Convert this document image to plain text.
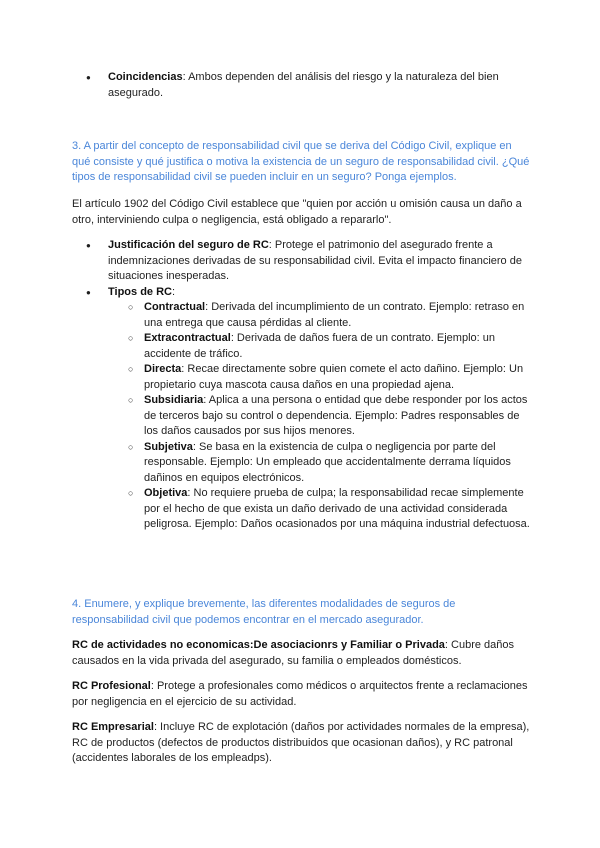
● Coincidencias: Ambos dependen del análisis del riesgo y la naturaleza del bien asegurado.
3. A partir del concepto de responsabilidad civil que se deriva del Código Civil, explique en qué consiste y qué justifica o motiva la existencia de un seguro de responsabilidad civil. ¿Qué tipos de responsabilidad civil se pueden incluir en un seguro? Ponga ejemplos.
El artículo 1902 del Código Civil establece que "quien por acción u omisión causa un daño a otro, interviniendo culpa o negligencia, está obligado a repararlo".
● Justificación del seguro de RC: Protege el patrimonio del asegurado frente a indemnizaciones derivadas de su responsabilidad civil. Evita el impacto financiero de situaciones inesperadas.
● Tipos de RC:
○ Contractual: Derivada del incumplimiento de un contrato. Ejemplo: retraso en una entrega que causa pérdidas al cliente.
○ Extracontractual: Derivada de daños fuera de un contrato. Ejemplo: un accidente de tráfico.
○ Directa: Recae directamente sobre quien comete el acto dañino. Ejemplo: Un propietario cuya mascota causa daños en una propiedad ajena.
○ Subsidiaria: Aplica a una persona o entidad que debe responder por los actos de terceros bajo su control o dependencia. Ejemplo: Padres responsables de los daños causados por sus hijos menores.
○ Subjetiva: Se basa en la existencia de culpa o negligencia por parte del responsable. Ejemplo: Un empleado que accidentalmente derrama líquidos dañinos en equipos electrónicos.
○ Objetiva: No requiere prueba de culpa; la responsabilidad recae simplemente por el hecho de que exista un daño derivado de una actividad considerada peligrosa. Ejemplo: Daños ocasionados por una máquina industrial defectuosa.
4. Enumere, y explique brevemente, las diferentes modalidades de seguros de responsabilidad civil que podemos encontrar en el mercado asegurador.
RC de actividades no economicas:De asociacionrs y Familiar o Privada: Cubre daños causados en la vida privada del asegurado, su familia o empleados domésticos.
RC Profesional: Protege a profesionales como médicos o arquitectos frente a reclamaciones por negligencia en el ejercicio de su actividad.
RC Empresarial: Incluye RC de explotación (daños por actividades normales de la empresa), RC de productos (defectos de productos distribuidos que ocasionan daños), y RC patronal (accidentes laborales de los empleadps).
